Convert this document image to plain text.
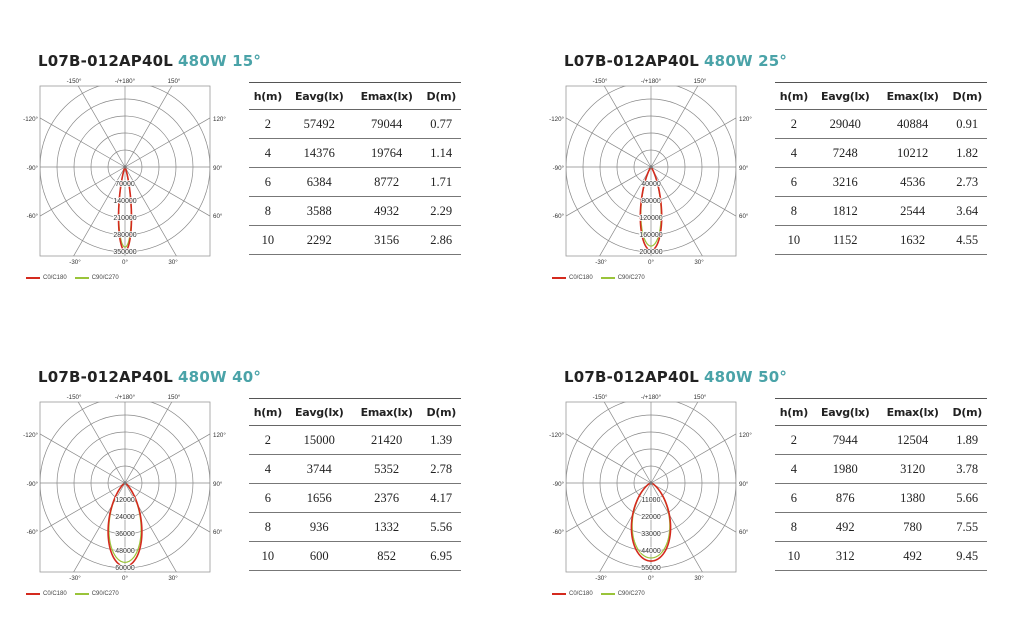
L07B-012AP40L 480W 15°
-150°	-/+180°	150°
-120°	120°
-90°	90°
-60°	60°
-30°	0°	30°
70000
140000
210000
280000
350000
C0/C180	C90/C270
h(m)	Eavg(lx)	Emax(lx)	D(m)
2	57492	79044	0.77
4	14376	19764	1.14
6	6384	8772	1.71
8	3588	4932	2.29
10	2292	3156	2.86
L07B-012AP40L 480W 25°
-150°	-/+180°	150°
-120°	120°
-90°	90°
-60°	60°
-30°	0°	30°
40000
80000
120000
160000
200000
C0/C180	C90/C270
h(m)	Eavg(lx)	Emax(lx)	D(m)
2	29040	40884	0.91
4	7248	10212	1.82
6	3216	4536	2.73
8	1812	2544	3.64
10	1152	1632	4.55
L07B-012AP40L 480W 40°
-150°	-/+180°	150°
-120°	120°
-90°	90°
-60°	60°
-30°	0°	30°
12000
24000
36000
48000
60000
C0/C180	C90/C270
h(m)	Eavg(lx)	Emax(lx)	D(m)
2	15000	21420	1.39
4	3744	5352	2.78
6	1656	2376	4.17
8	936	1332	5.56
10	600	852	6.95
L07B-012AP40L 480W 50°
-150°	-/+180°	150°
-120°	120°
-90°	90°
-60°	60°
-30°	0°	30°
11000
22000
33000
44000
55000
C0/C180	C90/C270
h(m)	Eavg(lx)	Emax(lx)	D(m)
2	7944	12504	1.89
4	1980	3120	3.78
6	876	1380	5.66
8	492	780	7.55
10	312	492	9.45
